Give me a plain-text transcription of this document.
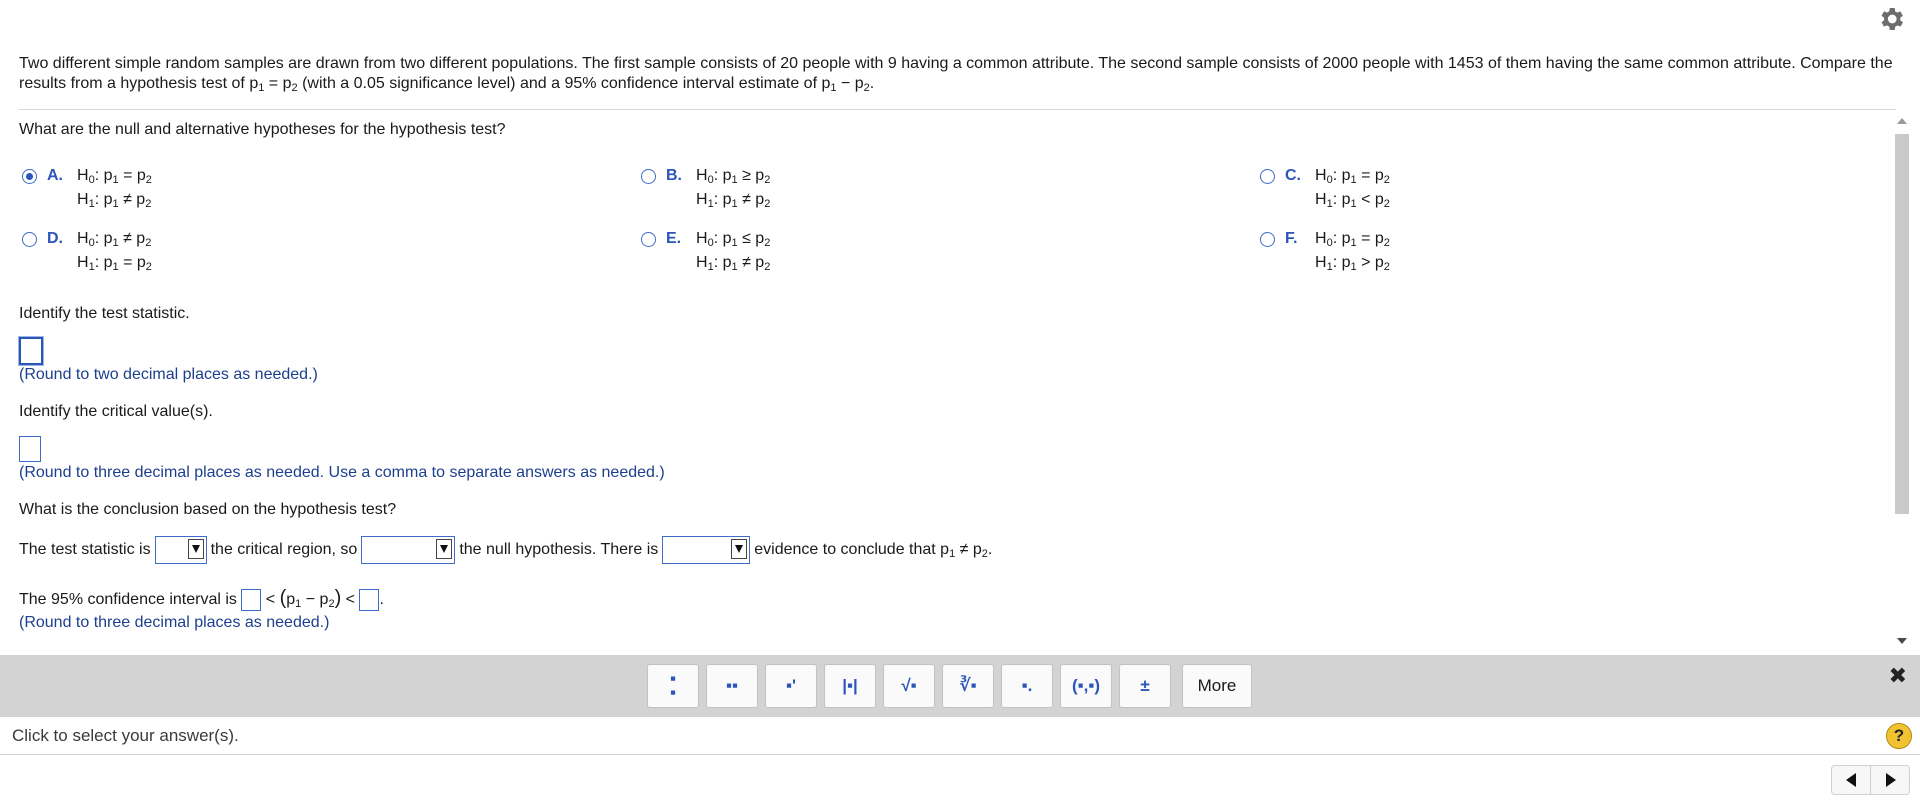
Two different simple random samples are drawn from two different populations. The first sample consists of 20 people with 9 having a common attribute. The second sample consists of 2000 people with 1453 of them having the same common attribute. Compare the results from a hypothesis test of $p_1 = p_2$ (with a 0.05 significance level) and a 95% confidence interval estimate of $p_1 - p_2$.
What are the null and alternative hypotheses for the hypothesis test?
A. $H_0$: $p_1 = p_2$
$H_1$: $p_1 \ne p_2$
B. $H_0$: $p_1 \ge p_2$
$H_1$: $p_1 \ne p_2$
C. $H_0$: $p_1 = p_2$
$H_1$: $p_1 < p_2$
D. $H_0$: $p_1 \ne p_2$
$H_1$: $p_1 = p_2$
E. $H_0$: $p_1 \le p_2$
$H_1$: $p_1 \ne p_2$
F. $H_0$: $p_1 = p_2$
$H_1$: $p_1 > p_2$
Identify the test statistic.
(Round to two decimal places as needed.)
Identify the critical value(s).
(Round to three decimal places as needed. Use a comma to separate answers as needed.)
What is the conclusion based on the hypothesis test?
The test statistic is	the critical region, so	the null hypothesis. There is	evidence to conclude that $p_1 \ne p_2$.
The 95% confidence interval is  < $(p_1 - p_2)$ < .
(Round to three decimal places as needed.)
▪
▪	▪▪	▪'	|▪|	√▪	∛▪	▪.	(▪,▪)	±	More	✖
Click to select your answer(s).	?
